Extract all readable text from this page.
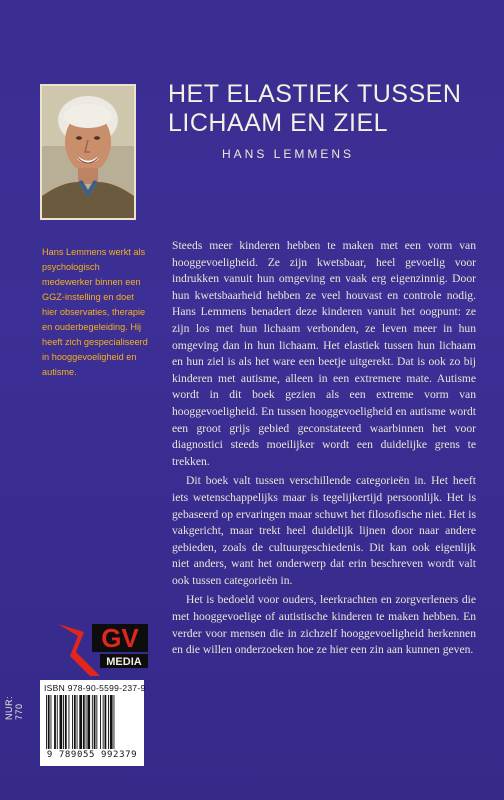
HET ELASTIEK TUSSEN
LICHAAM EN ZIEL

HANS LEMMENS

Hans Lemmens werkt als psychologisch medewerker binnen een GGZ-instelling en doet hier observaties, therapie en ouderbegeleiding. Hij heeft zich gespecialiseerd in hooggevoeligheid en autisme.

Steeds meer kinderen hebben te maken met een vorm van hooggevoeligheid. Ze zijn kwetsbaar, heel gevoelig voor indrukken vanuit hun omgeving en vaak erg eigenzinnig. Door hun kwetsbaarheid hebben ze veel houvast en controle nodig. Hans Lemmens benadert deze kinderen vanuit het oogpunt: ze zijn los met hun lichaam verbonden, ze leven meer in hun omgeving dan in hun lichaam. Het elastiek tussen hun lichaam en hun ziel is als het ware een beetje uitgerekt. Dat is ook zo bij kinderen met autisme, alleen in een extremere mate. Autisme wordt in dit boek gezien als een extreme vorm van hooggevoeligheid. En tussen hooggevoeligheid en autisme wordt een groot grijs gebied geconstateerd waarbinnen het voor diagnostici steeds moeilijker wordt een duidelijke grens te trekken.

Dit boek valt tussen verschillende categorieën in. Het heeft iets wetenschappelijks maar is tegelijkertijd persoonlijk. Het is gebaseerd op ervaringen maar schuwt het filosofische niet. Het is vakgericht, maar trekt heel duidelijk lijnen door naar andere gebieden, zoals de cultuurgeschiedenis. Dit kan ook eigenlijk niet anders, want het onderwerp dat erin beschreven wordt valt ook tussen categorieën in.

Het is bedoeld voor ouders, leerkrachten en zorgverleners die met hooggevoelige of autistische kinderen te maken hebben. En verder voor mensen die in zichzelf hooggevoeligheid herkennen en die willen onderzoeken hoe ze hier een zin aan kunnen geven.

GV
MEDIA
NUR: 770
ISBN 978-90-5599-237-9
9 789055 992379
